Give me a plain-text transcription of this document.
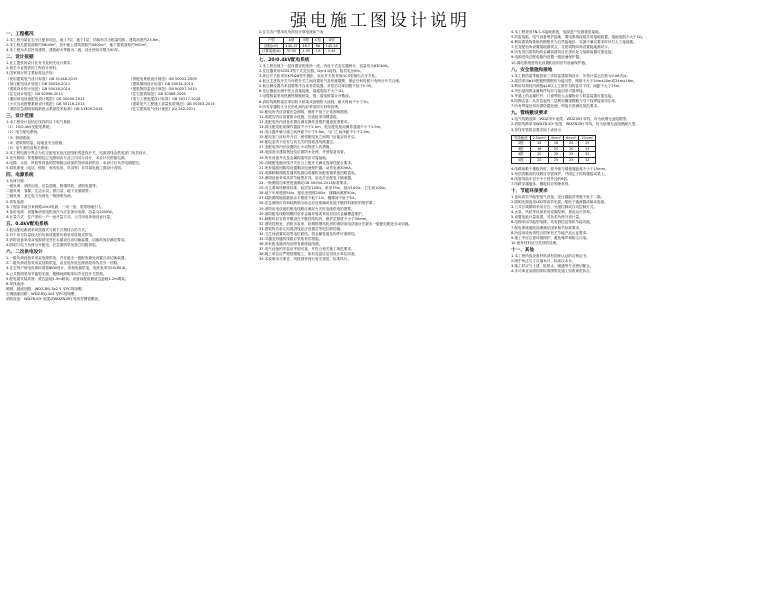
强电施工图设计说明
一、工程概况
1.本工程为某住宅小区配套项目，地上7层，地下1层，结构形式为框架结构，建筑高度约23.6m。
2.本工程总建筑面积约5800m²，其中地上建筑面积约4900m²，地下建筑面积约900m²。
3.本工程为多层民用建筑，建筑耐火等级为二级，设计使用年限为50年。
二、设计依据
1.业主提供的设计任务书及相关设计要求；
2.相关专业提供的工程设计资料；
3.国家现行的主要标准及法规：
《民用建筑电气设计标准》GB 51348-2019	《供配电系统设计规范》GB 50052-2009
《低压配电设计规范》GB 50054-2011	《建筑照明设计标准》GB 50034-2013
《建筑设计防火规范》GB 50016-2014	《建筑物防雷设计规范》GB 50057-2010
《住宅设计规范》GB 50096-2011	《住宅建筑规范》GB 50368-2005
《通用用电设备配电设计规范》GB 50055-2011	《电力工程电缆设计标准》GB 50217-2018
《火灾自动报警系统设计规范》GB 50116-2013	《建筑电气工程施工质量验收规范》GB 50303-2015
《消防应急照明和疏散指示系统技术标准》GB 51309-2018	《住宅建筑电气设计规范》JGJ 242-2011
三、设计范围
1.本工程设计包括红线内的以下电气系统：
（1）10/0.4kV变配电系统；
（2）电力配电系统；
（3）照明系统；
（4）建筑物防雷、接地及安全措施；
（5）电气消防及相关系统；
2.本工程电源分界点为住宅配电室低压进线柜的进线开关，电源进线由供电部门负责设计。
3.室外照明、景观照明及泛光照明由专业公司另行设计，本设计仅预留电源。
4.电梯、水泵、风机等设备的控制箱由设备供货商成套供应，本设计仅负责电源配电。
5.弱电系统（电话、网络、有线电视、对讲等）另详弱电施工图设计说明。
四、电源系统
1.负荷分级：
一级负荷：消防用电、应急照明、排烟风机、消防电梯等；
二级负荷：客梯、生活水泵、排污泵、地下室照明等；
三级负荷：其它电力负荷及一般照明负荷。
2.供电电源：
本工程由市政引来两路10kV电源，一用一备，电缆埋地引入。
3.备用电源：设置柴油发电机组作为应急备用电源，容量为200kW。
4.计量方式：住户采用一户一表计量方式，公共用电单独设表计量。
五、0.4kV配电系统
1.低压配电系统采用放射式与树干式相结合的方式。
2.对于单台容量较大的负荷或重要负荷采用放射式供电。
3.消防设备采用双电源供电并在末端设自动切换装置，切换时间应满足要求。
4.照明与电力负荷分开配电，应急照明采用独立回路供电。
六、二次供电设计
1.一级负荷设备采用双电源供电，并在最末一级配电箱处设置自动切换装置。
2.二级负荷设备采用双回路供电，由变电所低压侧两段母线各引一回路。
3.住宅每户用电负荷标准按8kW设计，单相电源供电，电度表采用10(60)A。
4.公共照明采用节能型光源，楼梯间照明采用声光控开关控制。
5.配电箱安装高度：底边距地1.5m暗装；设备间配电箱底边距地1.2m明装。
6.导线选择：
照明、插座回路：WDZ-BYJ-3x2.5 穿PC管暗敷；
空调插座回路：WDZ-BYJ-3x4 穿PC管暗敷；
消防设备：WDZN-YJY 电缆或WDZN-BYJ 导线穿钢管敷设。
2.住宅各户型用电负荷及计算电流如下表：
户型	A型	B型	C型	D型
面积(m²)	145.15	48.7	68	145.26
计算电流(A)	37.52	1.35	1.8	2.44
七、20/0.4kV配电系统
1.本工程在地下一层设置变配电所一座，内设干式变压器两台，容量均为630kVA。
2.变压器采用SCB13型干式变压器，Dyn11接线，阻抗电压6%。
3.高压开关柜采用KYN28型中置柜，低压开关柜采用GCS型抽出式开关柜。
4.低压主进线开关与母联开关之间设置电气及机械联锁，保证任何时候只有两台开关合闸。
5.低压侧设置功率因数集中自动补偿装置，补偿后功率因数不低于0.95。
6.变压器低压侧中性点直接接地，接地电阻不大于1Ω。
7.电缆桥架采用热镀锌钢制桥架，强、弱电桥架分开敷设。
8.消防线路桥架应采用防火桥架或涂刷防火涂料，耐火时间不小于1h。
9.所有穿越防火分区的孔洞均应采用防火材料封堵。
10.配电所内应设置应急照明，照度不低于正常照明照度。
11.电缆沟内应设置排水设施，沟盖板采用钢盖板。
12.变配电所内设备布置应满足操作及维护通道宽度要求。
13.高压配电柜前操作通道不小于2.0m，低压配电柜前操作通道不小于1.5m。
14.变压器外廓与墙之间净距不小于0.8m，与门之间净距不小于1.0m。
15.配电室门应向外开启，相邻配电室之间的门应能双向开启。
16.配电室内不应有与其无关的管道及线路通过。
17.变配电所内应设置防止小动物进入的措施。
18.电缆进出建筑物处均应做防水处理，并预留备用管。
19.所有设备外壳及金属构架均应可靠接地。
20.各级配电箱出线开关应与上级开关满足选择性配合要求。
21.所有插座回路均设置剩余电流保护器，动作电流30mA。
22.电梯轿厢照明及通风电源由电梯机房配电箱单独回路供电。
23.照明设备采用高效节能型灯具，荧光灯应配电子镇流器。
24.一般照明功率密度值满足GB 50034-2013标准要求。
25.各主要场所照度标准：起居室100lx，卧室75lx，厨房100lx，卫生间100lx。
26.地下车库照度50lx，配电室照度200lx，楼梯间照度50lx。
27.疏散照明地面最低水平照度不低于1lx，楼梯间不低于5lx。
28.应急照明灯具和疏散指示标志应设玻璃或其他不燃材料制作的保护罩。
29.消防用电设备的配电线路应满足火灾时连续供电的需要。
30.消防配电线路明敷时应穿金属导管或采用封闭式金属槽盒保护。
31.暗敷时应穿管并敷设在不燃性结构内，保护层厚度不小于30mm。
32.消防控制室、消防水泵房、防烟排烟风机房的消防用电设备应在最末一级配电箱处自动切换。
33.建筑物各单元电源进线处应设置总等电位联结箱。
34.卫生间设置局部等电位联结，将金属管道及构件可靠联结。
35.穿越变形缝的线路应采取补偿措施。
36.所有配电箱内均应附有系统接线图。
37.电气设备的安装应牢固可靠，并符合相关施工规范要求。
38.施工单位应严格按图施工，如有变更应征得设计单位同意。
39.本说明未尽事宜，均按国家现行有关规范、标准执行。
4.本工程采用TN-C-S接地系统，电源进户处做重复接地。
5.防雷接地、电气设备保护接地、弱电系统接地共用接地装置，接地电阻不大于1Ω。
6.利用建筑物基础内钢筋作为自然接地体，实测不满足要求时补打人工接地极。
7.在变配电所设置接地测试点，在建筑物四角设置接地测试卡。
8.所有进出建筑物的金属管道均应在进出处与接地装置可靠连接。
9.电源进线总配电箱内设置一级浪涌保护器。
10.弱电系统进线处设置相应的信号浪涌保护器。
八、安全措施和接地
1.本工程防雷等级按第三类防雷建筑物设计，年预计雷击次数为0.06次/a。
2.屋顶采用φ10热镀锌圆钢作为接闪带，网格不大于20mx20m或24mx16m。
3.利用结构柱内两根φ16以上主筋作为防雷引下线，间距不大于25m。
4.突出屋面的金属构件均应与接闪带可靠焊接。
5.外墙上的金属栏杆、门窗等较大金属物应与防雷装置可靠连接。
6.防侧击雷：从首层起每三层利用圈梁钢筋与引下线焊接成均压环。
7.所有焊接处均应做防腐处理，焊接长度满足规范要求。
九、管线敷设要求
1.电气线路选择：WDZ-YJY 电缆、WDZ-BYJ 导线，均为低烟无卤阻燃型。
2.消防线路采用WDZN-YJY 电缆、WDZN-BYJ 导线，均为低烟无卤阻燃耐火型。
3.导线穿管管径要求如下表所示：
导线截面	2.5mm²	4mm²	6mm²	10mm²
2根	16	16	20	25
3根	16	20	20	25
4根	20	20	25	32
5根	20	25	25	32
4.线路暗敷于楼板内时，管外壁与楼板面距离不小于15mm。
5.吊顶内敷设的线路应穿管保护，并固定于结构楼板或梁上。
6.线管弯曲半径不小于管外径的6倍。
7.线路穿越墙体、楼板时应预埋套管。
十、节能环保要求
1.选用高效节能型电气设备，变压器能效等级不低于二级。
2.照明光源选用LED等高效光源，配电子镇流器或驱动电源。
3.公共区域照明采用分区、分组控制或自动控制方式。
4.水泵、风机等设备采用变频控制，提高运行效率。
5.设置电能计量装置，对各类负荷分项计量。
6.电梯采用节能型电梯，具有群控及待机节能功能。
7.配电系统谐波治理满足国家相关标准要求。
8.所选用设备须符合国家有关节能产品认证要求。
9.施工中应注意环境保护，避免噪声和粉尘污染。
10.废弃材料应分类回收处理。
十一、其他
1.本工程所选设备材料须有国家认证的合格证书。
2.图中所注尺寸以毫米计，标高以米计。
3.施工时应与土建、给排水、暖通等专业密切配合。
4.未尽事宜参照国家标准图集及施工验收规范执行。
